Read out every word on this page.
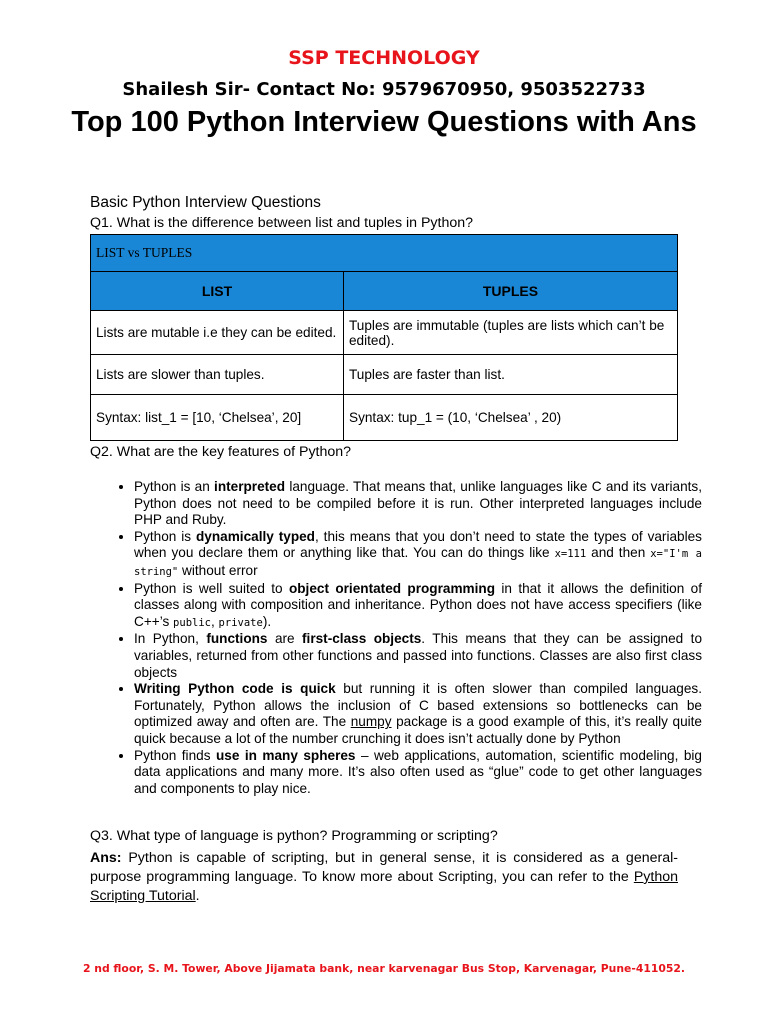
SSP TECHNOLOGY
Shailesh Sir- Contact No: 9579670950, 9503522733
Top 100 Python Interview Questions with Ans
Basic Python Interview Questions
Q1. What is the difference between list and tuples in Python?
LIST vs TUPLES	
LIST	TUPLES
Lists are mutable i.e they can be edited.	Tuples are immutable (tuples are lists which can’t be edited).
Lists are slower than tuples.	Tuples are faster than list.
Syntax: list_1 = [10, ‘Chelsea’, 20]	Syntax: tup_1 = (10, ‘Chelsea’ , 20)
Q2. What are the key features of Python?
• Python is an interpreted language. That means that, unlike languages like C and its variants, Python does not need to be compiled before it is run. Other interpreted languages include PHP and Ruby.
• Python is dynamically typed, this means that you don’t need to state the types of variables when you declare them or anything like that. You can do things like x=111 and then x="I'm a string" without error
• Python is well suited to object orientated programming in that it allows the definition of classes along with composition and inheritance. Python does not have access specifiers (like C++’s public, private).
• In Python, functions are first-class objects. This means that they can be assigned to variables, returned from other functions and passed into functions. Classes are also first class objects
• Writing Python code is quick but running it is often slower than compiled languages. Fortunately, Python allows the inclusion of C based extensions so bottlenecks can be optimized away and often are. The numpy package is a good example of this, it’s really quite quick because a lot of the number crunching it does isn’t actually done by Python
• Python finds use in many spheres – web applications, automation, scientific modeling, big data applications and many more. It’s also often used as “glue” code to get other languages and components to play nice.
Q3. What type of language is python? Programming or scripting?
Ans: Python is capable of scripting, but in general sense, it is considered as a general-purpose programming language. To know more about Scripting, you can refer to the Python Scripting Tutorial.
2 nd floor, S. M. Tower, Above Jijamata bank, near karvenagar Bus Stop, Karvenagar, Pune-411052.
